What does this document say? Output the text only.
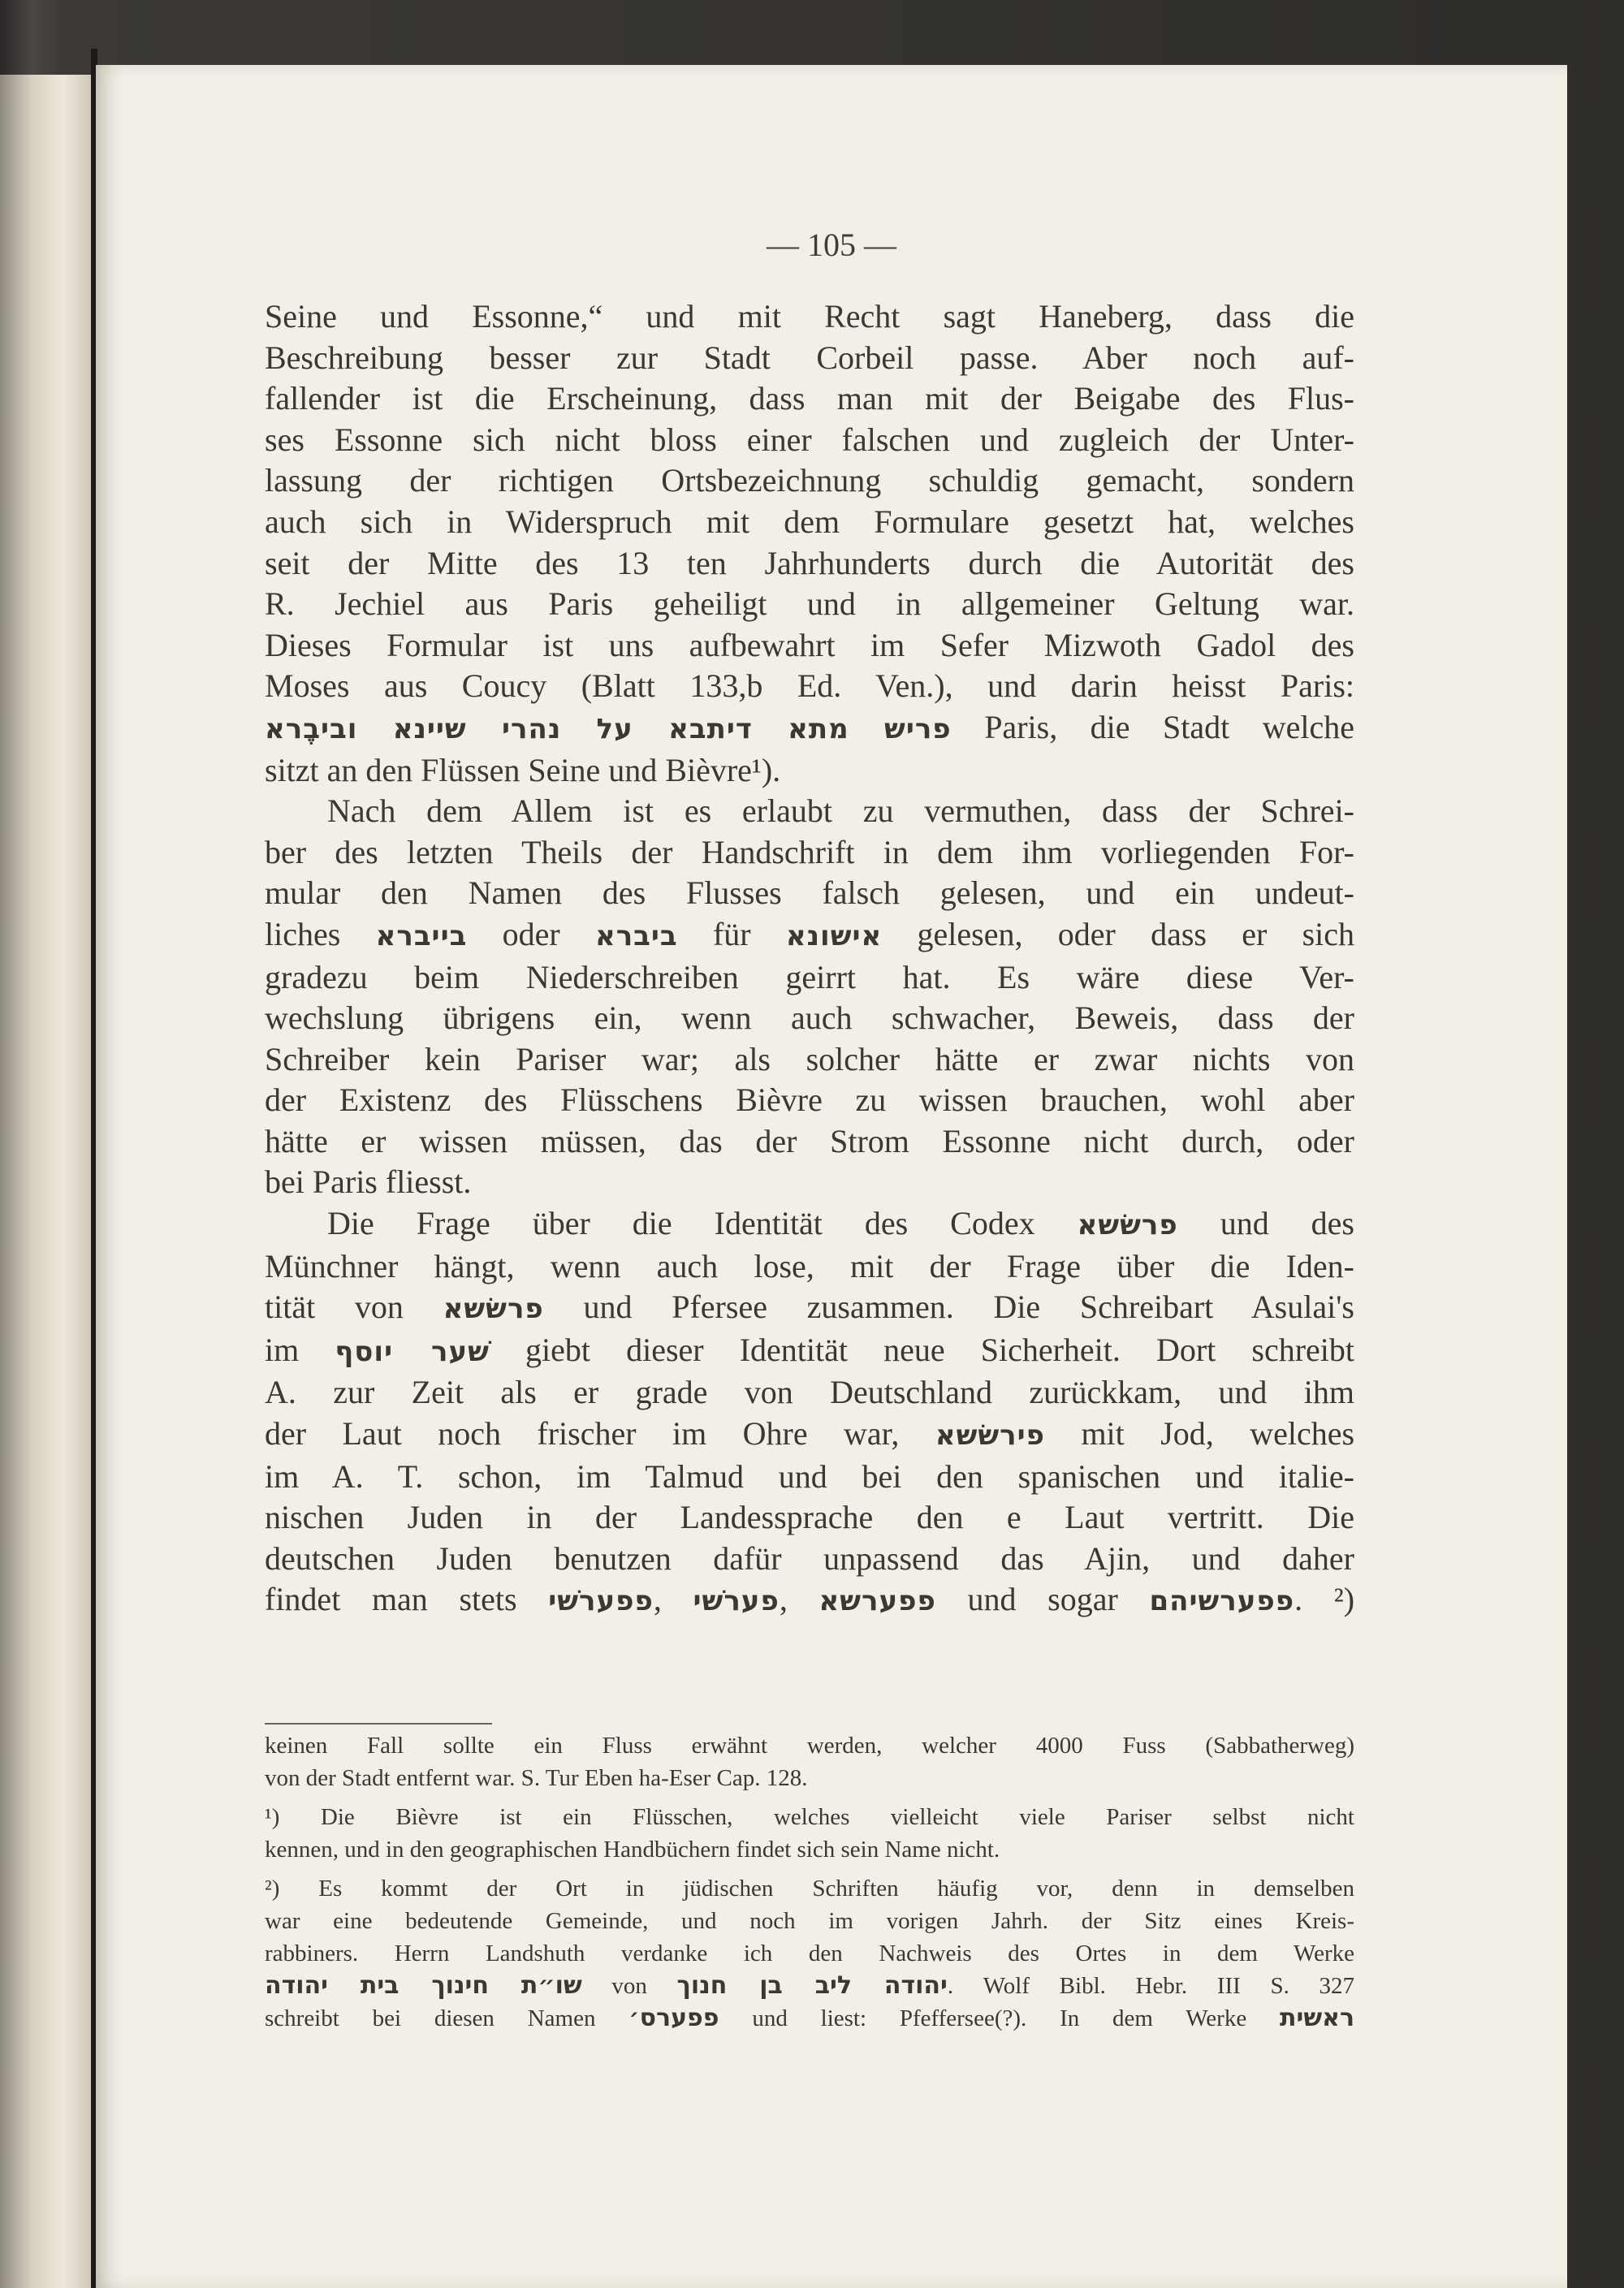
— 105 —
Seine und Essonne,“ und mit Recht sagt Haneberg, dass die
Beschreibung besser zur Stadt Corbeil passe. Aber noch auf-
fallender ist die Erscheinung, dass man mit der Beigabe des Flus-
ses Essonne sich nicht bloss einer falschen und zugleich der Unter-
lassung der richtigen Ortsbezeichnung schuldig gemacht, sondern
auch sich in Widerspruch mit dem Formulare gesetzt hat, welches
seit der Mitte des 13 ten Jahrhunderts durch die Autorität des
R. Jechiel aus Paris geheiligt und in allgemeiner Geltung war.
Dieses Formular ist uns aufbewahrt im Sefer Mizwoth Gadol des
Moses aus Coucy (Blatt 133,b Ed. Ven.), und darin heisst Paris:
פריש מתא דיתבא על נהרי שיינא וביבֶרא Paris, die Stadt welche
sitzt an den Flüssen Seine und Bièvre¹).
Nach dem Allem ist es erlaubt zu vermuthen, dass der Schrei-
ber des letzten Theils der Handschrift in dem ihm vorliegenden For-
mular den Namen des Flusses falsch gelesen, und ein undeut-
liches בייברא oder ביברא für אישונא gelesen, oder dass er sich
gradezu beim Niederschreiben geirrt hat. Es wäre diese Ver-
wechslung übrigens ein, wenn auch schwacher, Beweis, dass der
Schreiber kein Pariser war; als solcher hätte er zwar nichts von
der Existenz des Flüsschens Bièvre zu wissen brauchen, wohl aber
hätte er wissen müssen, das der Strom Essonne nicht durch, oder
bei Paris fliesst.
Die Frage über die Identität des Codex פרשׂשא und des
Münchner hängt, wenn auch lose, mit der Frage über die Iden-
tität von פרשׂשא und Pfersee zusammen. Die Schreibart Asulai's
im שׁער יוסף giebt dieser Identität neue Sicherheit. Dort schreibt
A. zur Zeit als er grade von Deutschland zurückkam, und ihm
der Laut noch frischer im Ohre war, פירשׂשא mit Jod, welches
im A. T. schon, im Talmud und bei den spanischen und italie-
nischen Juden in der Landessprache den e Laut vertritt. Die
deutschen Juden benutzen dafür unpassend das Ajin, und daher
findet man stets פפערשׁי, פערשׁי, פפערשא und sogar פפערשיהם. ²)
keinen Fall sollte ein Fluss erwähnt werden, welcher 4000 Fuss (Sabbatherweg)
von der Stadt entfernt war. S. Tur Eben ha-Eser Cap. 128.
¹) Die Bièvre ist ein Flüsschen, welches vielleicht viele Pariser selbst nicht
kennen, und in den geographischen Handbüchern findet sich sein Name nicht.
²) Es kommt der Ort in jüdischen Schriften häufig vor, denn in demselben
war eine bedeutende Gemeinde, und noch im vorigen Jahrh. der Sitz eines Kreis-
rabbiners. Herrn Landshuth verdanke ich den Nachweis des Ortes in dem Werke
שו״ת חינוך בית יהודה von יהודה ליב בן חנוך. Wolf Bibl. Hebr. III S. 327
schreibt bei diesen Namen פפערס׳ und liest: Pfeffersee(?). In dem Werke ראשית
